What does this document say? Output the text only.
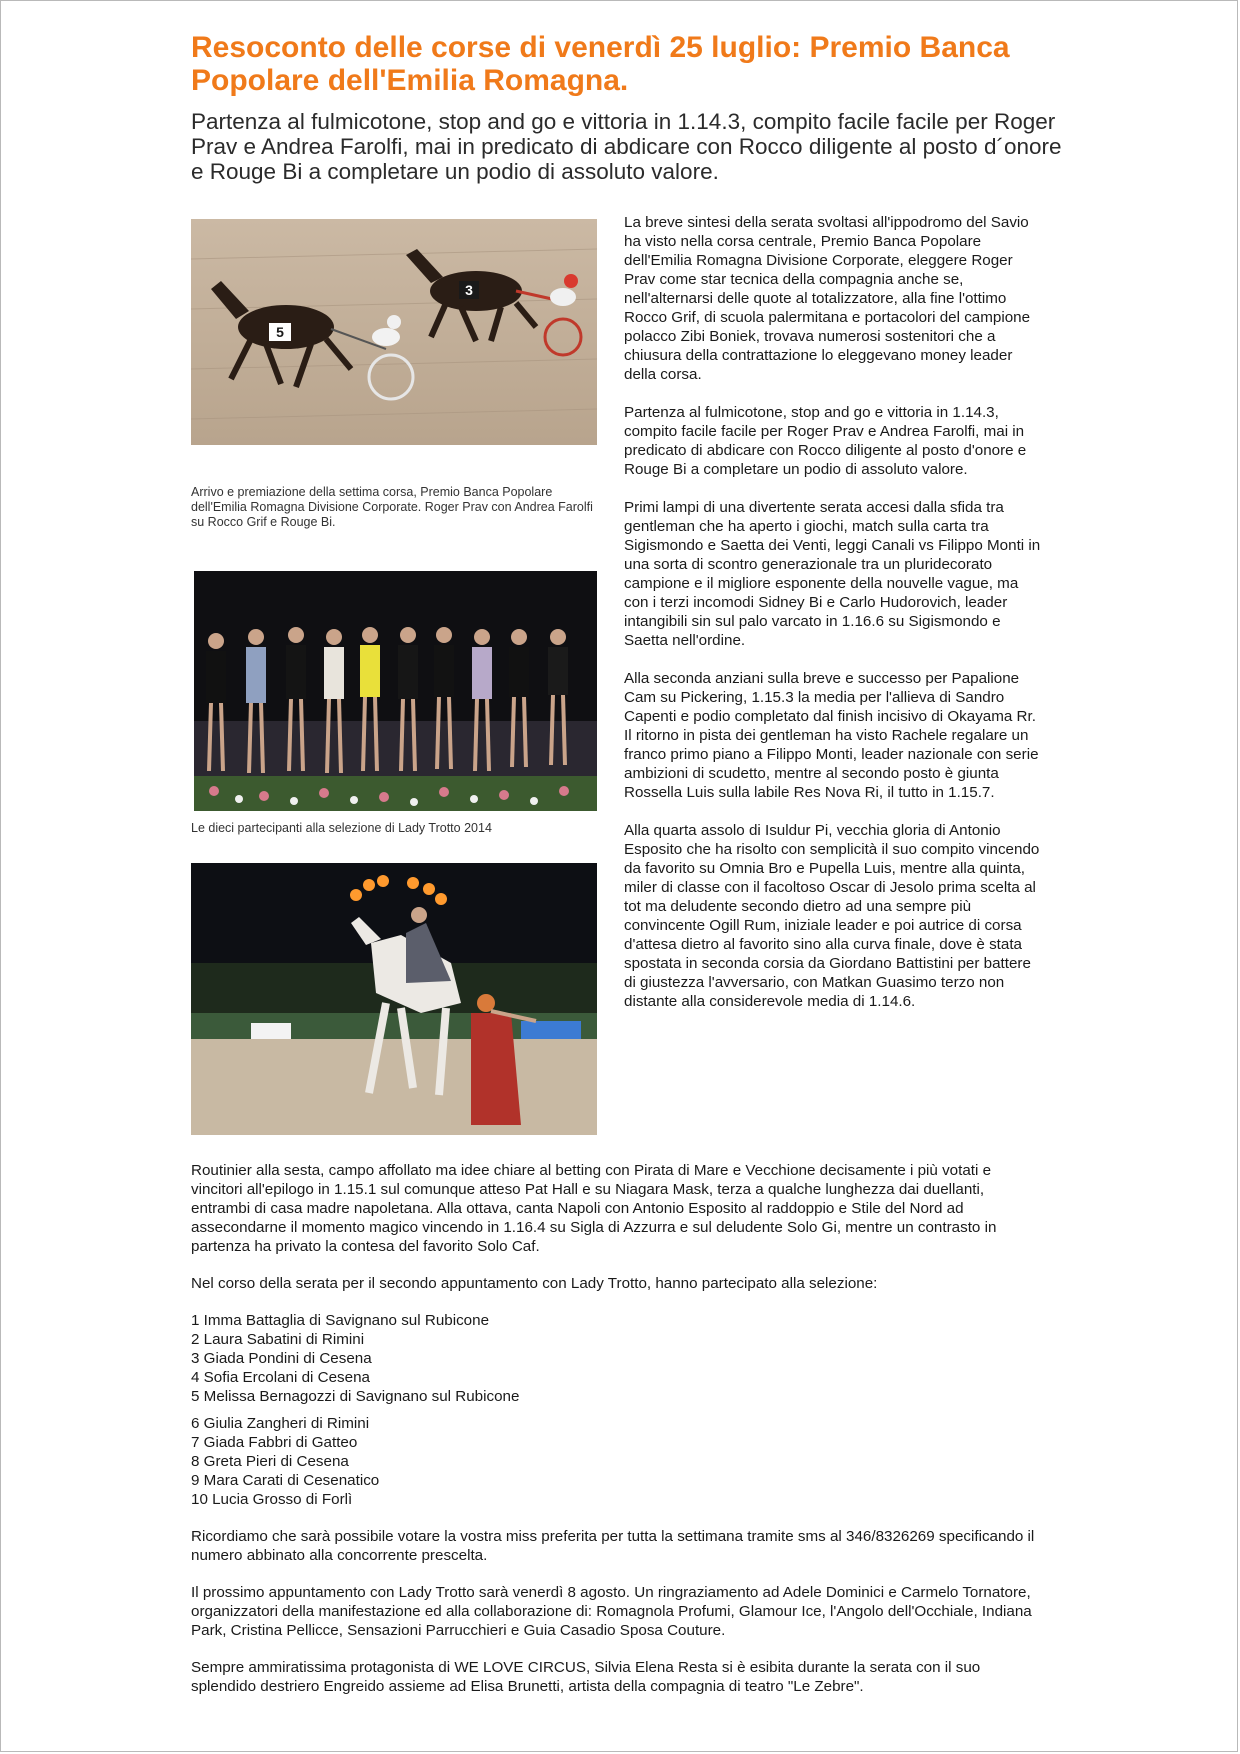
Resoconto delle corse di venerdì 25 luglio: Premio Banca Popolare dell'Emilia Romagna.

Partenza al fulmicotone, stop and go e vittoria in 1.14.3, compito facile facile per Roger Prav e Andrea Farolfi, mai in predicato di abdicare con Rocco diligente al posto d´onore e Rouge Bi a completare un podio di assoluto valore.

5
3
Arrivo e premiazione della settima corsa, Premio Banca Popolare dell'Emilia Romagna Divisione Corporate. Roger Prav con Andrea Farolfi su Rocco Grif e Rouge Bi.
Le dieci partecipanti alla selezione di Lady Trotto 2014

La breve sintesi della serata svoltasi all'ippodromo del Savio ha visto nella corsa centrale, Premio Banca Popolare dell'Emilia Romagna Divisione Corporate, eleggere Roger Prav come star tecnica della compagnia anche se, nell'alternarsi delle quote al totalizzatore, alla fine l'ottimo Rocco Grif, di scuola palermitana e portacolori del campione polacco Zibi Boniek, trovava numerosi sostenitori che a chiusura della contrattazione lo eleggevano money leader della corsa.

Partenza al fulmicotone, stop and go e vittoria in 1.14.3, compito facile facile per Roger Prav e Andrea Farolfi, mai in predicato di abdicare con Rocco diligente al posto d'onore e Rouge Bi a completare un podio di assoluto valore.

Primi lampi di una divertente serata accesi dalla sfida tra gentleman che ha aperto i giochi, match sulla carta tra Sigismondo e Saetta dei Venti, leggi Canali vs Filippo Monti in una sorta di scontro generazionale tra un pluridecorato campione e il migliore esponente della nouvelle vague, ma con i terzi incomodi Sidney Bi e Carlo Hudorovich, leader intangibili sin sul palo varcato in 1.16.6 su Sigismondo e Saetta nell'ordine.

Alla seconda anziani sulla breve e successo per Papalione Cam su Pickering, 1.15.3 la media per l'allieva di Sandro Capenti e podio completato dal finish incisivo di Okayama Rr. Il ritorno in pista dei gentleman ha visto Rachele regalare un franco primo piano a Filippo Monti, leader nazionale con serie ambizioni di scudetto, mentre al secondo posto è giunta Rossella Luis sulla labile Res Nova Ri, il tutto in 1.15.7.

Alla quarta assolo di Isuldur Pi, vecchia gloria di Antonio Esposito che ha risolto con semplicità il suo compito vincendo da favorito su Omnia Bro e Pupella Luis, mentre alla quinta, miler di classe con il facoltoso Oscar di Jesolo prima scelta al tot ma deludente secondo dietro ad una sempre più convincente Ogill Rum, iniziale leader e poi autrice di corsa d'attesa dietro al favorito sino alla curva finale, dove è stata spostata in seconda corsia da Giordano Battistini per battere di giustezza l'avversario, con Matkan Guasimo terzo non distante alla considerevole media di 1.14.6.

Routinier alla sesta, campo affollato ma idee chiare al betting con Pirata di Mare e Vecchione decisamente i più votati e vincitori all'epilogo in 1.15.1 sul comunque atteso Pat Hall e su Niagara Mask, terza a qualche lunghezza dai duellanti, entrambi di casa madre napoletana. Alla ottava, canta Napoli con Antonio Esposito al raddoppio e Stile del Nord ad assecondarne il momento magico vincendo in 1.16.4 su Sigla di Azzurra e sul deludente Solo Gi, mentre un contrasto in partenza ha privato la contesa del favorito Solo Caf.

Nel corso della serata per il secondo appuntamento con Lady Trotto, hanno partecipato alla selezione:

1 Imma Battaglia di Savignano sul Rubicone
2 Laura Sabatini di Rimini
3 Giada Pondini di Cesena
4 Sofia Ercolani di Cesena
5 Melissa Bernagozzi di Savignano sul Rubicone
6 Giulia Zangheri di Rimini
7 Giada Fabbri di Gatteo
8 Greta Pieri di Cesena
9 Mara Carati di Cesenatico
10 Lucia Grosso di Forlì

Ricordiamo che sarà possibile votare la vostra miss preferita per tutta la settimana tramite sms al 346/8326269 specificando il numero abbinato alla concorrente prescelta.

Il prossimo appuntamento con Lady Trotto sarà venerdì 8 agosto. Un ringraziamento ad Adele Dominici e Carmelo Tornatore, organizzatori della manifestazione ed alla collaborazione di: Romagnola Profumi, Glamour Ice, l'Angolo dell'Occhiale, Indiana Park, Cristina Pellicce, Sensazioni Parrucchieri e Guia Casadio Sposa Couture.

Sempre ammiratissima protagonista di WE LOVE CIRCUS, Silvia Elena Resta si è esibita durante la serata con il suo splendido destriero Engreido assieme ad Elisa Brunetti, artista della compagnia di teatro "Le Zebre".
